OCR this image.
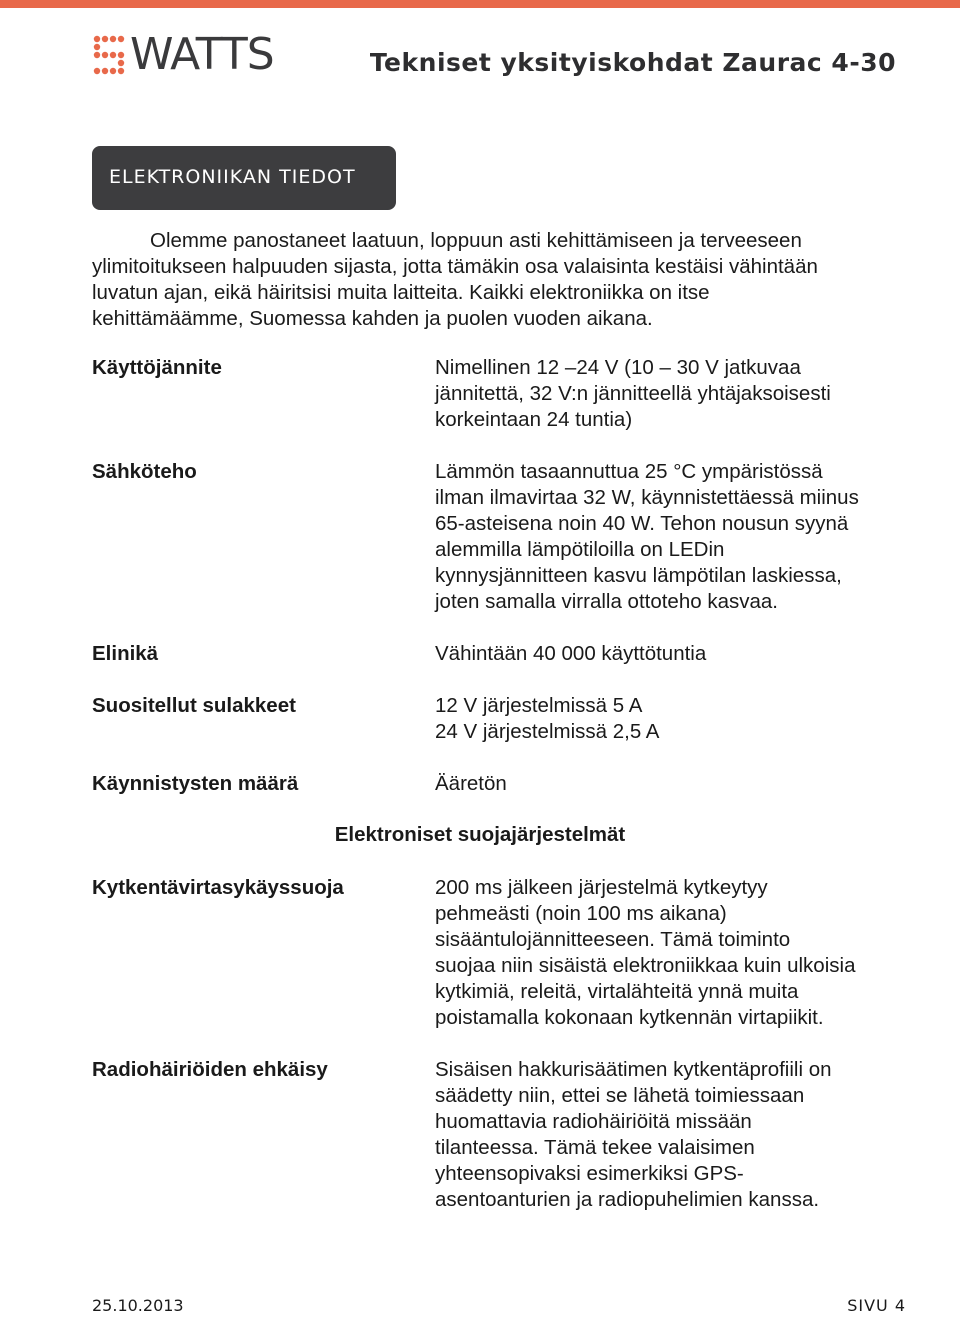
WATTS	Tekniset yksityiskohdat Zaurac 4-30
ELEKTRONIIKAN TIEDOT
Olemme panostaneet laatuun, loppuun asti kehittämiseen ja terveeseen
ylimitoitukseen halpuuden sijasta, jotta tämäkin osa valaisinta kestäisi vähintään
luvatun ajan, eikä häiritsisi muita laitteita. Kaikki elektroniikka on itse
kehittämäämme, Suomessa kahden ja puolen vuoden aikana.
Käyttöjännite	Nimellinen 12 –24 V (10 – 30 V jatkuvaa
jännitettä, 32 V:n jännitteellä yhtäjaksoisesti
korkeintaan 24 tuntia)
Sähköteho	Lämmön tasaannuttua 25 °C ympäristössä
ilman ilmavirtaa 32 W, käynnistettäessä miinus
65-asteisena noin 40 W. Tehon nousun syynä
alemmilla lämpötiloilla on LEDin
kynnysjännitteen kasvu lämpötilan laskiessa,
joten samalla virralla ottoteho kasvaa.
Elinikä	Vähintään 40 000 käyttötuntia
Suositellut sulakkeet	12 V järjestelmissä 5 A
24 V järjestelmissä 2,5 A
Käynnistysten määrä	Ääretön
Elektroniset suojajärjestelmät
Kytkentävirtasykäyssuoja	200 ms jälkeen järjestelmä kytkeytyy
pehmeästi (noin 100 ms aikana)
sisääntulojännitteeseen. Tämä toiminto
suojaa niin sisäistä elektroniikkaa kuin ulkoisia
kytkimiä, releitä, virtalähteitä ynnä muita
poistamalla kokonaan kytkennän virtapiikit.
Radiohäiriöiden ehkäisy	Sisäisen hakkurisäätimen kytkentäprofiili on
säädetty niin, ettei se lähetä toimiessaan
huomattavia radiohäiriöitä missään
tilanteessa. Tämä tekee valaisimen
yhteensopivaksi esimerkiksi GPS-
asentoanturien ja radiopuhelimien kanssa.
25.10.2013	SIVU 4
